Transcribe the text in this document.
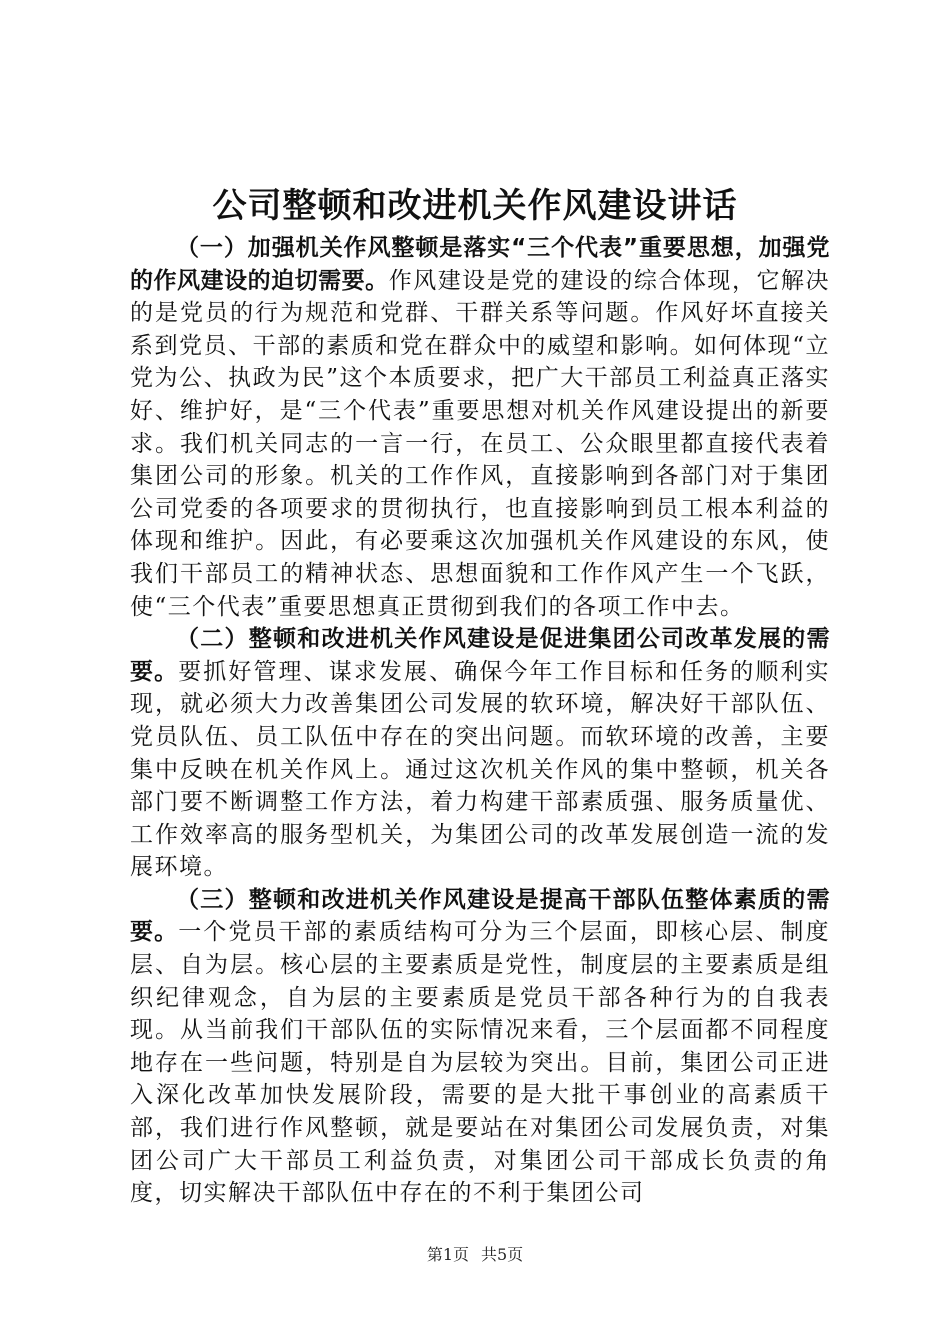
公司整顿和改进机关作风建设讲话

（一）加强机关作风整顿是落实“三个代表”重要思想，加强党的作风建设的迫切需要。作风建设是党的建设的综合体现，它解决的是党员的行为规范和党群、干群关系等问题。作风好坏直接关系到党员、干部的素质和党在群众中的威望和影响。如何体现“立党为公、执政为民”这个本质要求，把广大干部员工利益真正落实好、维护好，是“三个代表”重要思想对机关作风建设提出的新要求。我们机关同志的一言一行，在员工、公众眼里都直接代表着集团公司的形象。机关的工作作风，直接影响到各部门对于集团公司党委的各项要求的贯彻执行，也直接影响到员工根本利益的体现和维护。因此，有必要乘这次加强机关作风建设的东风，使我们干部员工的精神状态、思想面貌和工作作风产生一个飞跃，使“三个代表”重要思想真正贯彻到我们的各项工作中去。

（二）整顿和改进机关作风建设是促进集团公司改革发展的需要。要抓好管理、谋求发展、确保今年工作目标和任务的顺利实现，就必须大力改善集团公司发展的软环境，解决好干部队伍、党员队伍、员工队伍中存在的突出问题。而软环境的改善，主要集中反映在机关作风上。通过这次机关作风的集中整顿，机关各部门要不断调整工作方法，着力构建干部素质强、服务质量优、工作效率高的服务型机关，为集团公司的改革发展创造一流的发展环境。

（三）整顿和改进机关作风建设是提高干部队伍整体素质的需要。一个党员干部的素质结构可分为三个层面，即核心层、制度层、自为层。核心层的主要素质是党性，制度层的主要素质是组织纪律观念，自为层的主要素质是党员干部各种行为的自我表现。从当前我们干部队伍的实际情况来看，三个层面都不同程度地存在一些问题，特别是自为层较为突出。目前，集团公司正进入深化改革加快发展阶段，需要的是大批干事创业的高素质干部，我们进行作风整顿，就是要站在对集团公司发展负责，对集团公司广大干部员工利益负责，对集团公司干部成长负责的角度，切实解决干部队伍中存在的不利于集团公司

第1页 共5页
